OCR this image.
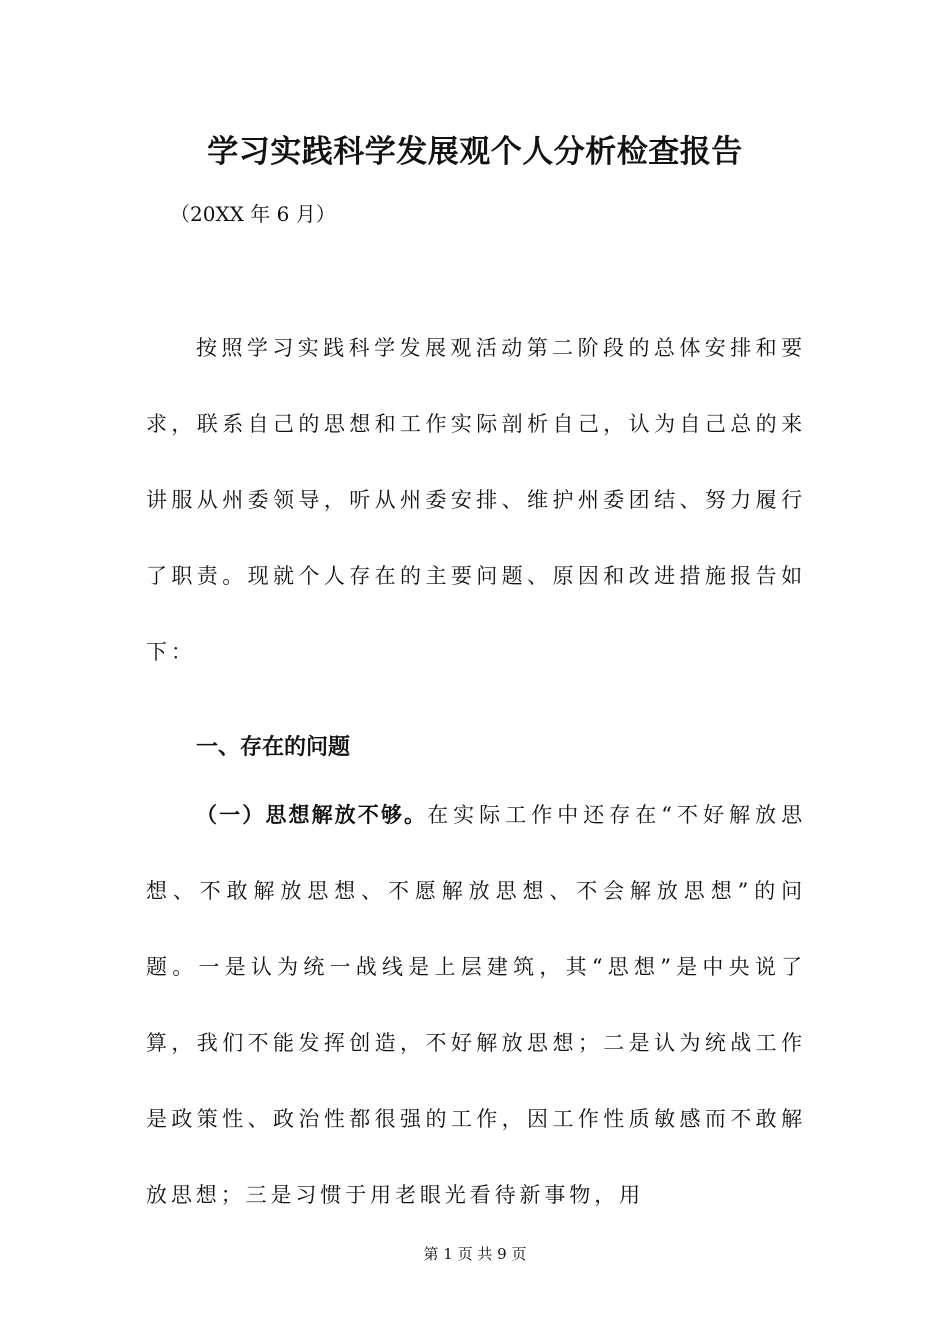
学习实践科学发展观个人分析检查报告
（20XX 年 6 月）

按照学习实践科学发展观活动第二阶段的总体安排和要求，联系自己的思想和工作实际剖析自己，认为自己总的来讲服从州委领导，听从州委安排、维护州委团结、努力履行了职责。现就个人存在的主要问题、原因和改进措施报告如下：

一、存在的问题

（一）思想解放不够。在实际工作中还存在“不好解放思想、不敢解放思想、不愿解放思想、不会解放思想”的问题。一是认为统一战线是上层建筑，其“思想”是中央说了算，我们不能发挥创造，不好解放思想；二是认为统战工作是政策性、政治性都很强的工作，因工作性质敏感而不敢解放思想；三是习惯于用老眼光看待新事物，用

第 1 页 共 9 页
